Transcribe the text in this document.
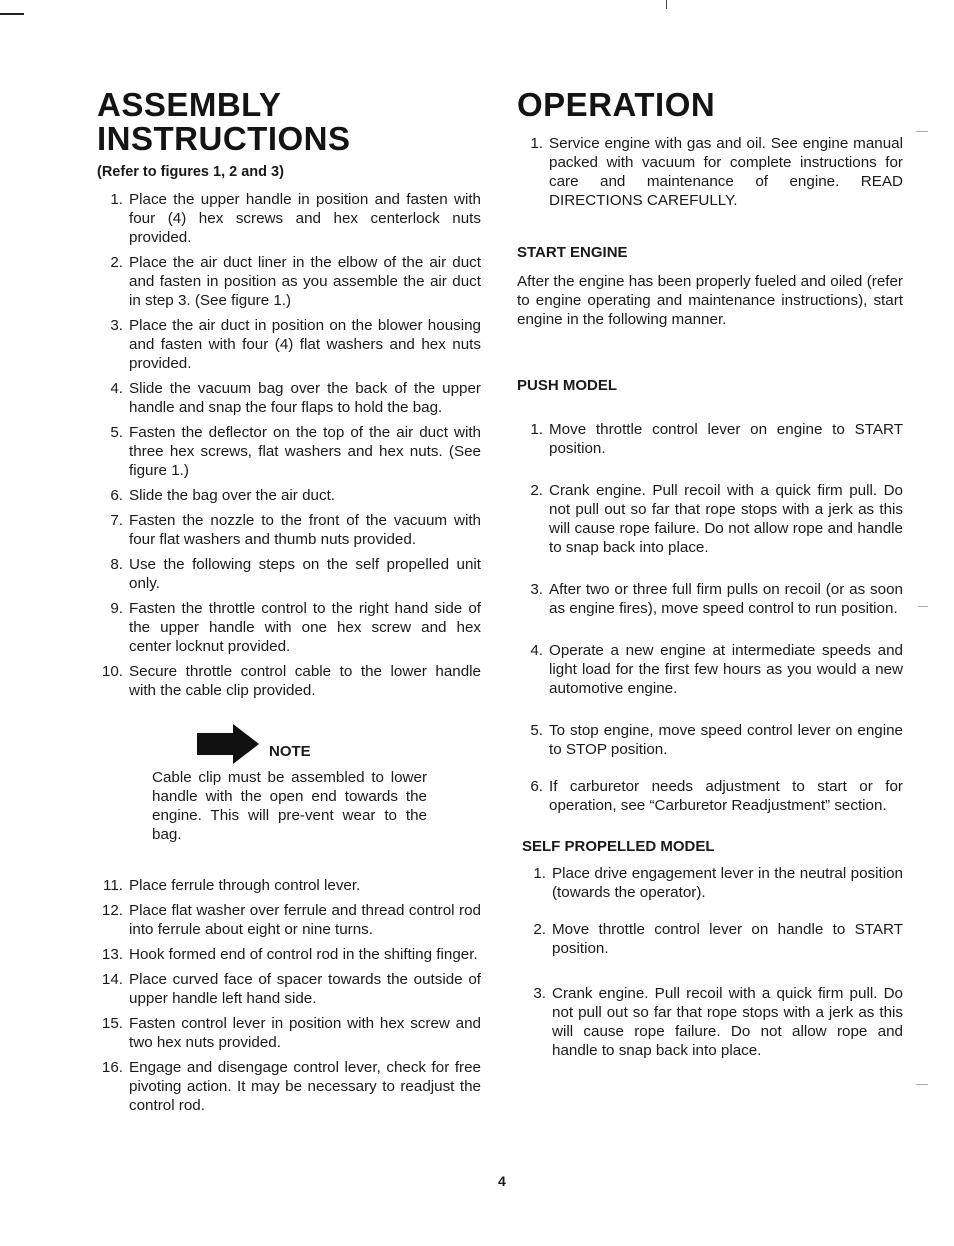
ASSEMBLY
INSTRUCTIONS
(Refer to figures 1, 2 and 3)
1. Place the upper handle in position and fasten with four (4) hex screws and hex centerlock nuts provided.
2. Place the air duct liner in the elbow of the air duct and fasten in position as you assemble the air duct in step 3. (See figure 1.)
3. Place the air duct in position on the blower housing and fasten with four (4) flat washers and hex nuts provided.
4. Slide the vacuum bag over the back of the upper handle and snap the four flaps to hold the bag.
5. Fasten the deflector on the top of the air duct with three hex screws, flat washers and hex nuts. (See figure 1.)
6. Slide the bag over the air duct.
7. Fasten the nozzle to the front of the vacuum with four flat washers and thumb nuts provided.
8. Use the following steps on the self propelled unit only.
9. Fasten the throttle control to the right hand side of the upper handle with one hex screw and hex center locknut provided.
10. Secure throttle control cable to the lower handle with the cable clip provided.
NOTE
Cable clip must be assembled to lower handle with the open end towards the engine. This will pre-vent wear to the bag.
11. Place ferrule through control lever.
12. Place flat washer over ferrule and thread control rod into ferrule about eight or nine turns.
13. Hook formed end of control rod in the shifting finger.
14. Place curved face of spacer towards the outside of upper handle left hand side.
15. Fasten control lever in position with hex screw and two hex nuts provided.
16. Engage and disengage control lever, check for free pivoting action. It may be necessary to readjust the control rod.
OPERATION
1. Service engine with gas and oil. See engine manual packed with vacuum for complete instructions for care and maintenance of engine. READ DIRECTIONS CAREFULLY.
START ENGINE

After the engine has been properly fueled and oiled (refer to engine operating and maintenance instructions), start engine in the following manner.

PUSH MODEL
1. Move throttle control lever on engine to START position.
2. Crank engine. Pull recoil with a quick firm pull. Do not pull out so far that rope stops with a jerk as this will cause rope failure. Do not allow rope and handle to snap back into place.
3. After two or three full firm pulls on recoil (or as soon as engine fires), move speed control to run position.
4. Operate a new engine at intermediate speeds and light load for the first few hours as you would a new automotive engine.
5. To stop engine, move speed control lever on engine to STOP position.
6. If carburetor needs adjustment to start or for operation, see “Carburetor Readjustment” section.
SELF PROPELLED MODEL
1. Place drive engagement lever in the neutral position (towards the operator).
2. Move throttle control lever on handle to START position.
3. Crank engine. Pull recoil with a quick firm pull. Do not pull out so far that rope stops with a jerk as this will cause rope failure. Do not allow rope and handle to snap back into place.
4
